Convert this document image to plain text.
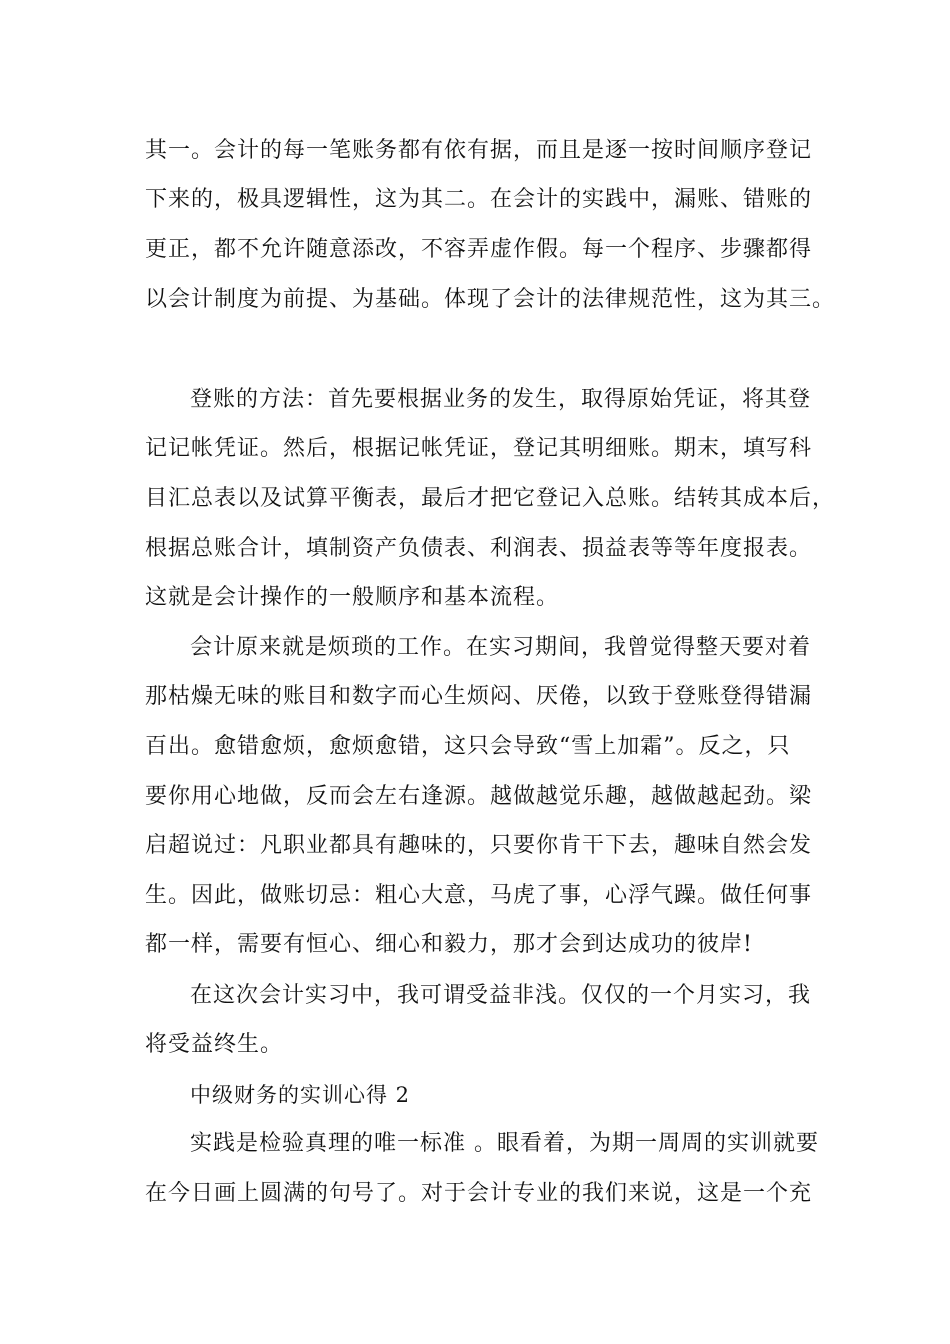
其一。会计的每一笔账务都有依有据，而且是逐一按时间顺序登记
下来的，极具逻辑性，这为其二。在会计的实践中，漏账、错账的
更正，都不允许随意添改，不容弄虚作假。每一个程序、步骤都得
以会计制度为前提、为基础。体现了会计的法律规范性，这为其三。
登账的方法：首先要根据业务的发生，取得原始凭证，将其登
记记帐凭证。然后，根据记帐凭证，登记其明细账。期末，填写科
目汇总表以及试算平衡表，最后才把它登记入总账。结转其成本后，
根据总账合计，填制资产负债表、利润表、损益表等等年度报表。
这就是会计操作的一般顺序和基本流程。
会计原来就是烦琐的工作。在实习期间，我曾觉得整天要对着
那枯燥无味的账目和数字而心生烦闷、厌倦，以致于登账登得错漏
百出。愈错愈烦，愈烦愈错，这只会导致“雪上加霜”。反之，只
要你用心地做，反而会左右逢源。越做越觉乐趣，越做越起劲。梁
启超说过：凡职业都具有趣味的，只要你肯干下去，趣味自然会发
生。因此，做账切忌：粗心大意，马虎了事，心浮气躁。做任何事
都一样，需要有恒心、细心和毅力，那才会到达成功的彼岸!
在这次会计实习中，我可谓受益非浅。仅仅的一个月实习，我
将受益终生。
中级财务的实训心得 2
实践是检验真理的唯一标准 。眼看着，为期一周周的实训就要
在今日画上圆满的句号了。对于会计专业的我们来说，这是一个充
